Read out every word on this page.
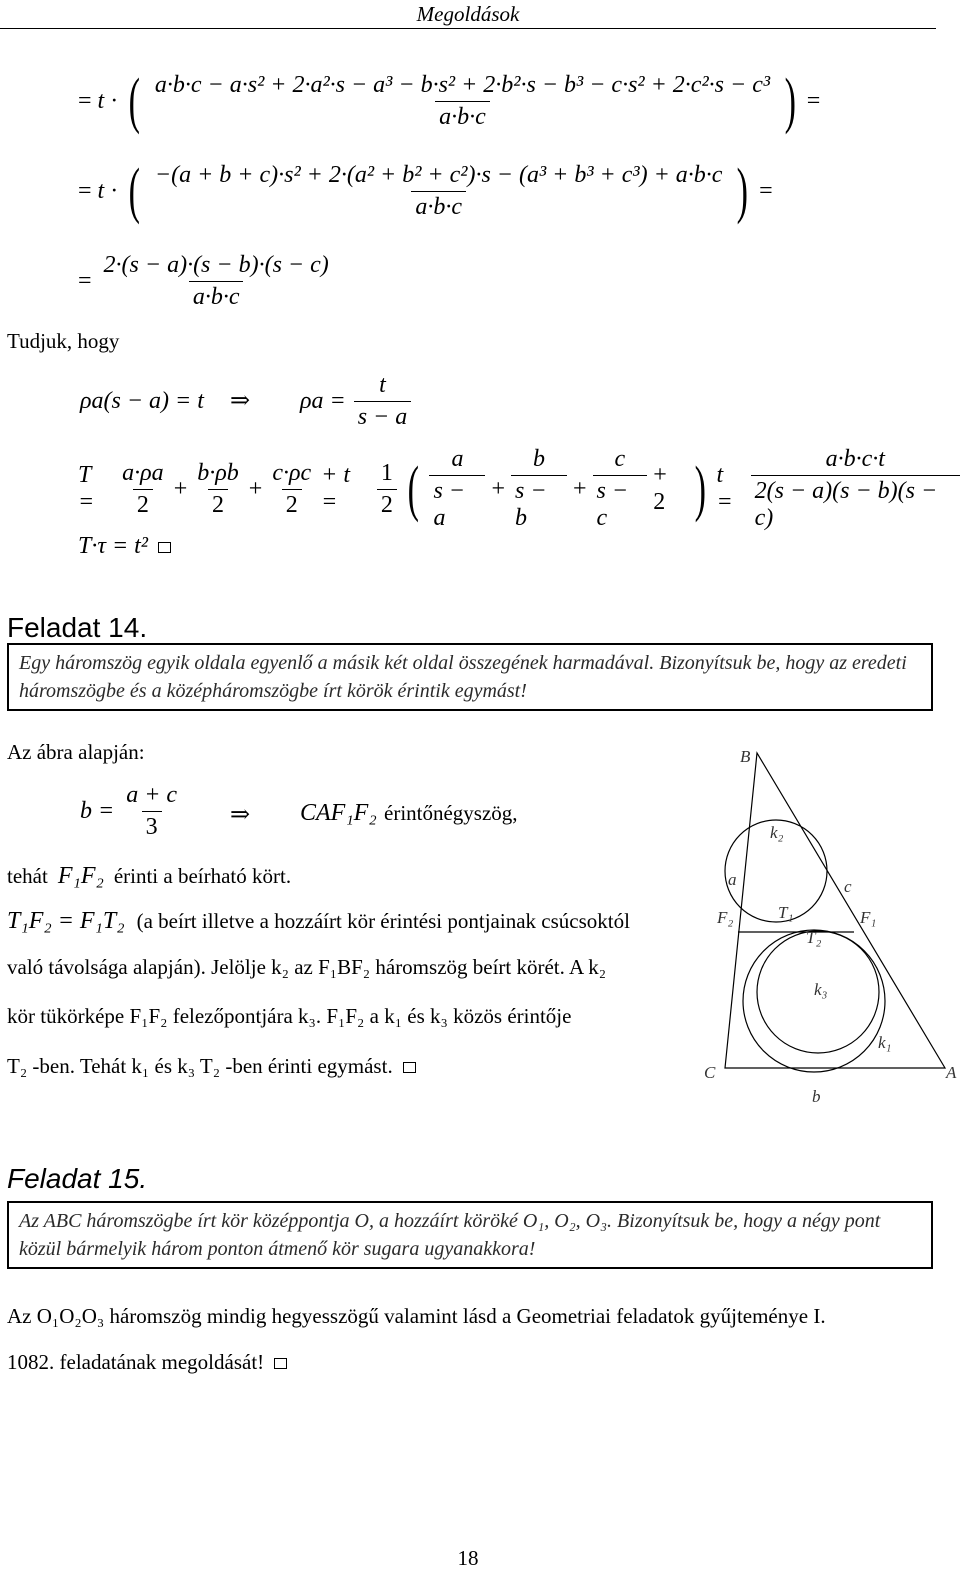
Megoldások
= t · ( a·b·c − a·s² + 2·a²·s − a³ − b·s² + 2·b²·s − b³ − c·s² + 2·c²·s − c³
a·b·c	) =
= t · ( −(a + b + c)·s² + 2·(a² + b² + c²)·s − (a³ + b³ + c³) + a·b·c
a·b·c	) =
= $\frac{2\cdot(s - a)\cdot(s - b)\cdot(s - c)}{a\cdot b\cdot c}$
Tudjuk, hogy
ρa(s − a) = t ⇒ $\rho a = \frac{t}{s - a}$
$T = \frac{a\cdot\rho a}{2} + \frac{b\cdot\rho b}{2} + \frac{c\cdot\rho c}{2} + t$ =	$\frac{1}{2}$ ( $\frac{a}{s - a} + \frac{b}{s - b} + \frac{c}{s - c} + 2$ ) $t = \frac{a\cdot b\cdot c\cdot t}{2(s - a)(s - b)(s - c)}$
T·τ = t²
Feladat 14.
Egy háromszög egyik oldala egyenlő a másik két oldal összegének harmadával. Bizonyítsuk be, hogy az eredeti háromszögbe és a középháromszögbe írt körök érintik egymást!
Az ábra alapján:
$b = \frac{a + c}{3}$ ⇒ CAF₁F₂ érintőnégyszög,
tehát F₁F₂ érinti a beírható kört.
T₁F₂ = F₁T₂ (a beírt illetve a hozzáírt kör érintési pontjainak csúcsoktól
való távolsága alapján). Jelölje k₂ az F₁BF₂ háromszög beírt körét. A k₂
kör tükörképe F₁F₂ felezőpontjára k₃. F₁F₂ a k₁ és k₃ közös érintője
T₂ -ben. Tehát k₁ és k₃ T₂ -ben érinti egymást.
B
k₂
a	c
T₁
F₂	F₁
T₂
k₃
k₁
C	A
b
Feladat 15.
Az ABC háromszögbe írt kör középpontja O, a hozzáírt köröké O₁, O₂, O₃. Bizonyítsuk be, hogy a négy pont közül bármelyik három ponton átmenő kör sugara ugyanakkora!
Az O₁O₂O₃ háromszög mindig hegyesszögű valamint lásd a Geometriai feladatok gyűjteménye I.
1082. feladatának megoldását!
18
